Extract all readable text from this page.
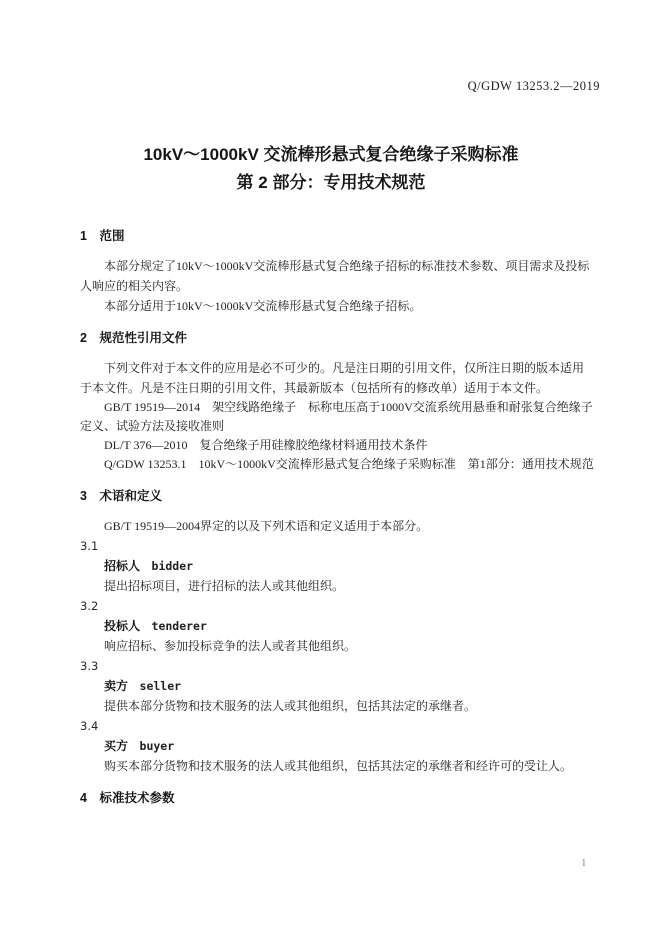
Q/GDW 13253.2—2019
10kV～1000kV 交流棒形悬式复合绝缘子采购标准
第 2 部分：专用技术规范
1 范围

本部分规定了10kV～1000kV交流棒形悬式复合绝缘子招标的标准技术参数、项目需求及投标人响应的相关内容。

本部分适用于10kV～1000kV交流棒形悬式复合绝缘子招标。

2 规范性引用文件

下列文件对于本文件的应用是必不可少的。凡是注日期的引用文件，仅所注日期的版本适用于本文件。凡是不注日期的引用文件，其最新版本（包括所有的修改单）适用于本文件。

GB/T 19519—2014　架空线路绝缘子　标称电压高于1000V交流系统用悬垂和耐张复合绝缘子定义、试验方法及接收准则

DL/T 376—2010　复合绝缘子用硅橡胶绝缘材料通用技术条件

Q/GDW 13253.1　10kV～1000kV交流棒形悬式复合绝缘子采购标准　第1部分：通用技术规范

3 术语和定义

GB/T 19519—2004界定的以及下列术语和定义适用于本部分。

3.1

招标人 bidder

提出招标项目，进行招标的法人或其他组织。

3.2

投标人 tenderer

响应招标、参加投标竞争的法人或者其他组织。

3.3

卖方 seller

提供本部分货物和技术服务的法人或其他组织，包括其法定的承继者。

3.4

买方 buyer

购买本部分货物和技术服务的法人或其他组织，包括其法定的承继者和经许可的受让人。

4 标准技术参数
1
